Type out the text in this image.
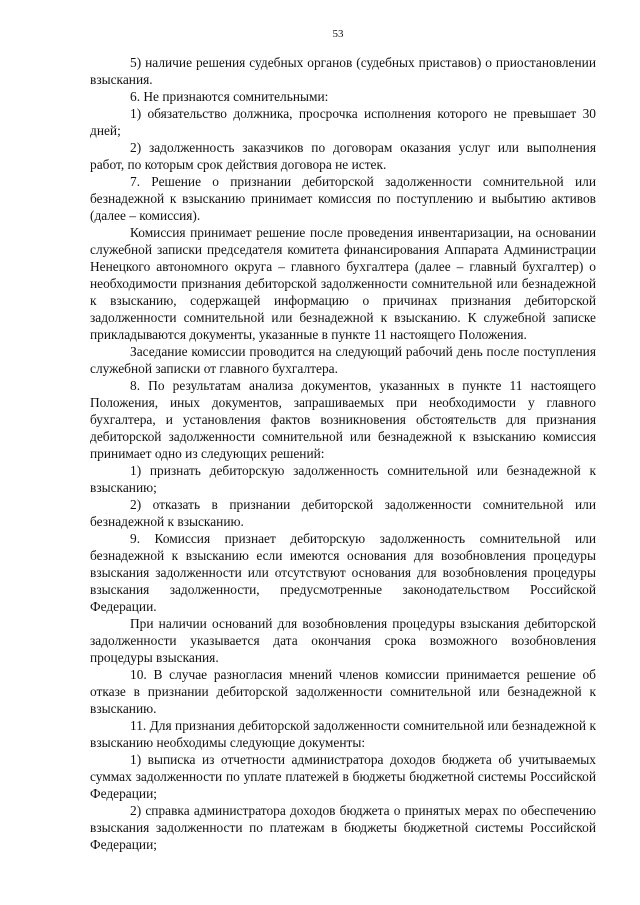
53

5) наличие решения судебных органов (судебных приставов) о приостановлении взыскания.

6. Не признаются сомнительными:

1) обязательство должника, просрочка исполнения которого не превышает 30 дней;

2) задолженность заказчиков по договорам оказания услуг или выполнения работ, по которым срок действия договора не истек.

7. Решение о признании дебиторской задолженности сомнительной или безнадежной к взысканию принимает комиссия по поступлению и выбытию активов (далее – комиссия).

Комиссия принимает решение после проведения инвентаризации, на основании служебной записки председателя комитета финансирования Аппарата Администрации Ненецкого автономного округа – главного бухгалтера (далее – главный бухгалтер) о необходимости признания дебиторской задолженности сомнительной или безнадежной к взысканию, содержащей информацию о причинах признания дебиторской задолженности сомнительной или безнадежной к взысканию. К служебной записке прикладываются документы, указанные в пункте 11 настоящего Положения.

Заседание комиссии проводится на следующий рабочий день после поступления служебной записки от главного бухгалтера.

8. По результатам анализа документов, указанных в пункте 11 настоящего Положения, иных документов, запрашиваемых при необходимости у главного бухгалтера, и установления фактов возникновения обстоятельств для признания дебиторской задолженности сомнительной или безнадежной к взысканию комиссия принимает одно из следующих решений:

1) признать дебиторскую задолженность сомнительной или безнадежной к взысканию;

2) отказать в признании дебиторской задолженности сомнительной или безнадежной к взысканию.

9. Комиссия признает дебиторскую задолженность сомнительной или безнадежной к взысканию если имеются основания для возобновления процедуры взыскания задолженности или отсутствуют основания для возобновления процедуры взыскания задолженности, предусмотренные законодательством Российской Федерации.

При наличии оснований для возобновления процедуры взыскания дебиторской задолженности указывается дата окончания срока возможного возобновления процедуры взыскания.

10. В случае разногласия мнений членов комиссии принимается решение об отказе в признании дебиторской задолженности сомнительной или безнадежной к взысканию.

11. Для признания дебиторской задолженности сомнительной или безнадежной к взысканию необходимы следующие документы:

1) выписка из отчетности администратора доходов бюджета об учитываемых суммах задолженности по уплате платежей в бюджеты бюджетной системы Российской Федерации;

2) справка администратора доходов бюджета о принятых мерах по обеспечению взыскания задолженности по платежам в бюджеты бюджетной системы Российской Федерации;
